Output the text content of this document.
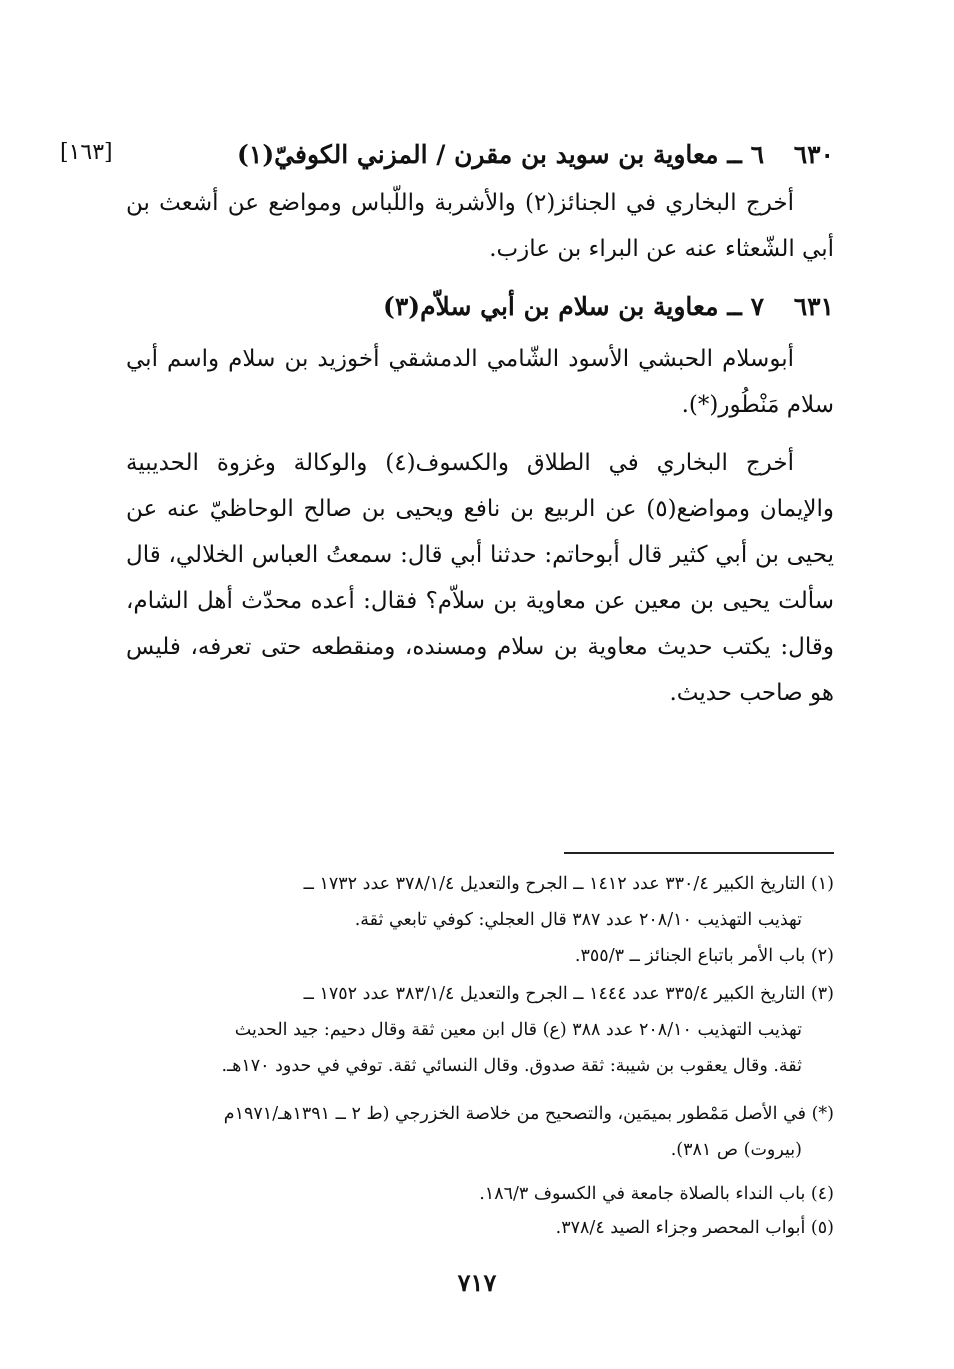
[١٦٣]	٦٣٠
٦ ــ معاوية بن سويد بن مقرن / المزني الكوفيّ(١)
أخرج البخاري في الجنائز(٢) والأشربة واللّباس ومواضع عن أشعث بن أبي الشّعثاء عنه عن البراء بن عازب.
٦٣١
٧ ــ معاوية بن سلام بن أبي سلاّم(٣)
أبوسلام الحبشي الأسود الشّامي الدمشقي أخوزيد بن سلام واسم أبي سلام مَنْطُور(*).
أخرج البخاري في الطلاق والكسوف(٤) والوكالة وغزوة الحديبية والإيمان ومواضع(٥) عن الربيع بن نافع ويحيى بن صالح الوحاظيّ عنه عن يحيى بن أبي كثير قال أبوحاتم: حدثنا أبي قال: سمعتُ العباس الخلالي، قال سألت يحيى بن معين عن معاوية بن سلاّم؟ فقال: أعده محدّث أهل الشام، وقال: يكتب حديث معاوية بن سلام ومسنده، ومنقطعه حتى تعرفه، فليس هو صاحب حديث.
(١) التاريخ الكبير ٣٣٠/٤ عدد ١٤١٢ ــ الجرح والتعديل ٣٧٨/١/٤ عدد ١٧٣٢ ــ
تهذيب التهذيب ٢٠٨/١٠ عدد ٣٨٧ قال العجلي: كوفي تابعي ثقة.
(٢) باب الأمر باتباع الجنائز ــ ٣٥٥/٣.
(٣) التاريخ الكبير ٣٣٥/٤ عدد ١٤٤٤ ــ الجرح والتعديل ٣٨٣/١/٤ عدد ١٧٥٢ ــ
تهذيب التهذيب ٢٠٨/١٠ عدد ٣٨٨ (ع) قال ابن معين ثقة وقال دحيم: جيد الحديث
ثقة. وقال يعقوب بن شيبة: ثقة صدوق. وقال النسائي ثقة. توفي في حدود ١٧٠هـ.
(*) في الأصل مَمْطور بميمَين، والتصحيح من خلاصة الخزرجي (ط ٢ ــ ١٣٩١هـ/١٩٧١م
(بيروت) ص ٣٨١).
(٤) باب النداء بالصلاة جامعة في الكسوف ١٨٦/٣.
(٥) أبواب المحصر وجزاء الصيد ٣٧٨/٤.
٧١٧
